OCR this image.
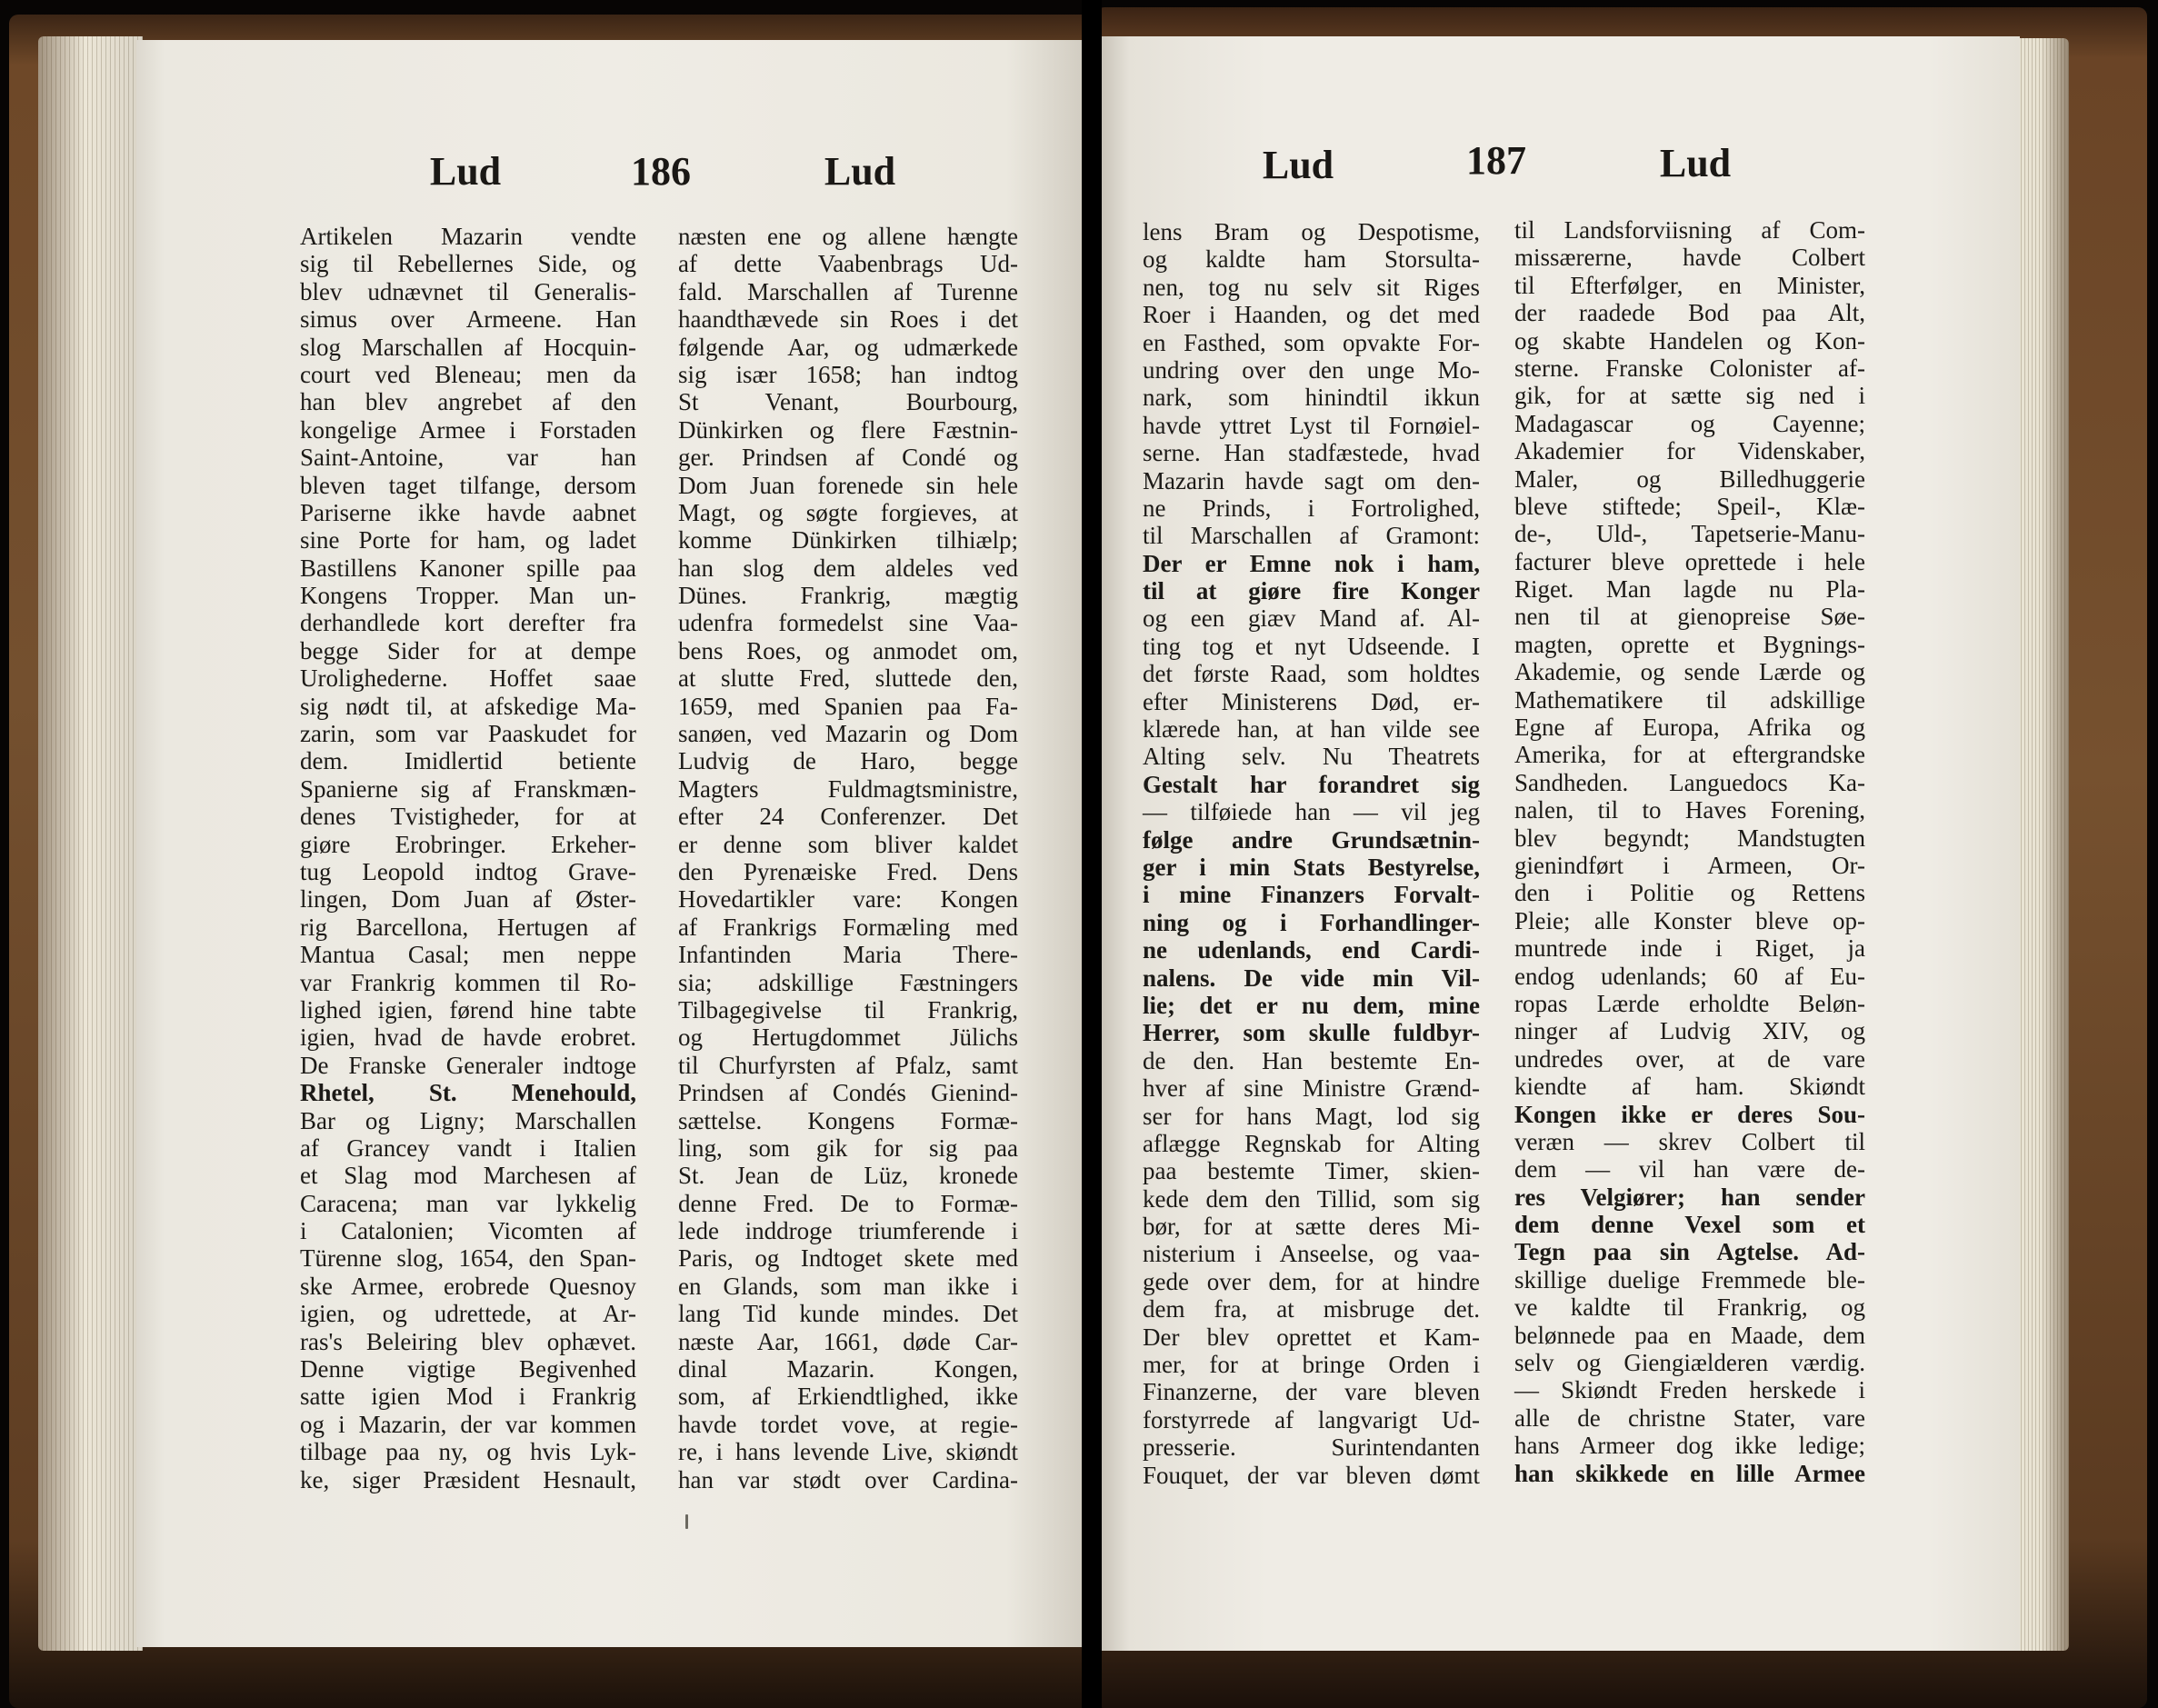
Lud	186	Lud
Artikelen Mazarin vendte
sig til Rebellernes Side, og
blev udnævnet til Generalis-
simus over Armeene. Han
slog Marschallen af Hocquin-
court ved Bleneau; men da
han blev angrebet af den
kongelige Armee i Forstaden
Saint-Antoine, var han
bleven taget tilfange, dersom
Pariserne ikke havde aabnet
sine Porte for ham, og ladet
Bastillens Kanoner spille paa
Kongens Tropper. Man un-
derhandlede kort derefter fra
begge Sider for at dempe
Urolighederne. Hoffet saae
sig nødt til, at afskedige Ma-
zarin, som var Paaskudet for
dem. Imidlertid betiente
Spanierne sig af Franskmæn-
denes Tvistigheder, for at
giøre Erobringer. Erkeher-
tug Leopold indtog Grave-
lingen, Dom Juan af Øster-
rig Barcellona, Hertugen af
Mantua Casal; men neppe
var Frankrig kommen til Ro-
lighed igien, førend hine tabte
igien, hvad de havde erobret.
De Franske Generaler indtoge
Rhetel, St. Menehould,
Bar og Ligny; Marschallen
af Grancey vandt i Italien
et Slag mod Marchesen af
Caracena; man var lykkelig
i Catalonien; Vicomten af
Türenne slog, 1654, den Span-
ske Armee, erobrede Quesnoy
igien, og udrettede, at Ar-
ras's Beleiring blev ophævet.
Denne vigtige Begivenhed
satte igien Mod i Frankrig
og i Mazarin, der var kommen
tilbage paa ny, og hvis Lyk-
ke, siger Præsident Hesnault,
næsten ene og allene hængte
af dette Vaabenbrags Ud-
fald. Marschallen af Turenne
haandthævede sin Roes i det
følgende Aar, og udmærkede
sig især 1658; han indtog
St Venant, Bourbourg,
Dünkirken og flere Fæstnin-
ger. Prindsen af Condé og
Dom Juan forenede sin hele
Magt, og søgte forgieves, at
komme Dünkirken tilhiælp;
han slog dem aldeles ved
Dünes. Frankrig, mægtig
udenfra formedelst sine Vaa-
bens Roes, og anmodet om,
at slutte Fred, sluttede den,
1659, med Spanien paa Fa-
sanøen, ved Mazarin og Dom
Ludvig de Haro, begge
Magters Fuldmagtsministre,
efter 24 Conferenzer. Det
er denne som bliver kaldet
den Pyrenæiske Fred. Dens
Hovedartikler vare: Kongen
af Frankrigs Formæling med
Infantinden Maria There-
sia; adskillige Fæstningers
Tilbagegivelse til Frankrig,
og Hertugdommet Jülichs
til Churfyrsten af Pfalz, samt
Prindsen af Condés Gienind-
sættelse. Kongens Formæ-
ling, som gik for sig paa
St. Jean de Lüz, kronede
denne Fred. De to Formæ-
lede inddroge triumferende i
Paris, og Indtoget skete med
en Glands, som man ikke i
lang Tid kunde mindes. Det
næste Aar, 1661, døde Car-
dinal Mazarin. Kongen,
som, af Erkiendtlighed, ikke
havde tordet vove, at regie-
re, i hans levende Live, skiøndt
han var stødt over Cardina-
Lud	187	Lud
lens Bram og Despotisme,
og kaldte ham Storsulta-
nen, tog nu selv sit Riges
Roer i Haanden, og det med
en Fasthed, som opvakte For-
undring over den unge Mo-
nark, som hinindtil ikkun
havde yttret Lyst til Fornøiel-
serne. Han stadfæstede, hvad
Mazarin havde sagt om den-
ne Prinds, i Fortrolighed,
til Marschallen af Gramont:
Der er Emne nok i ham,
til at giøre fire Konger
og een giæv Mand af. Al-
ting tog et nyt Udseende. I
det første Raad, som holdtes
efter Ministerens Død, er-
klærede han, at han vilde see
Alting selv. Nu Theatrets
Gestalt har forandret sig
— tilføiede han — vil jeg
følge andre Grundsætnin-
ger i min Stats Bestyrelse,
i mine Finanzers Forvalt-
ning og i Forhandlinger-
ne udenlands, end Cardi-
nalens. De vide min Vil-
lie; det er nu dem, mine
Herrer, som skulle fuldbyr-
de den. Han bestemte En-
hver af sine Ministre Grænd-
ser for hans Magt, lod sig
aflægge Regnskab for Alting
paa bestemte Timer, skien-
kede dem den Tillid, som sig
bør, for at sætte deres Mi-
nisterium i Anseelse, og vaa-
gede over dem, for at hindre
dem fra, at misbruge det.
Der blev oprettet et Kam-
mer, for at bringe Orden i
Finanzerne, der vare bleven
forstyrrede af langvarigt Ud-
presserie. Surintendanten
Fouquet, der var bleven dømt
til Landsforviisning af Com-
missærerne, havde Colbert
til Efterfølger, en Minister,
der raadede Bod paa Alt,
og skabte Handelen og Kon-
sterne. Franske Colonister af-
gik, for at sætte sig ned i
Madagascar og Cayenne;
Akademier for Videnskaber,
Maler, og Billedhuggerie
bleve stiftede; Speil-, Klæ-
de-, Uld-, Tapetserie-Manu-
facturer bleve oprettede i hele
Riget. Man lagde nu Pla-
nen til at gienopreise Søe-
magten, oprette et Bygnings-
Akademie, og sende Lærde og
Mathematikere til adskillige
Egne af Europa, Afrika og
Amerika, for at eftergrandske
Sandheden. Languedocs Ka-
nalen, til to Haves Forening,
blev begyndt; Mandstugten
gienindført i Armeen, Or-
den i Politie og Rettens
Pleie; alle Konster bleve op-
muntrede inde i Riget, ja
endog udenlands; 60 af Eu-
ropas Lærde erholdte Beløn-
ninger af Ludvig XIV, og
undredes over, at de vare
kiendte af ham. Skiøndt
Kongen ikke er deres Sou-
veræn — skrev Colbert til
dem — vil han være de-
res Velgiører; han sender
dem denne Vexel som et
Tegn paa sin Agtelse. Ad-
skillige duelige Fremmede ble-
ve kaldte til Frankrig, og
belønnede paa en Maade, dem
selv og Giengiælderen værdig.
— Skiøndt Freden herskede i
alle de christne Stater, vare
hans Armeer dog ikke ledige;
han skikkede en lille Armee
